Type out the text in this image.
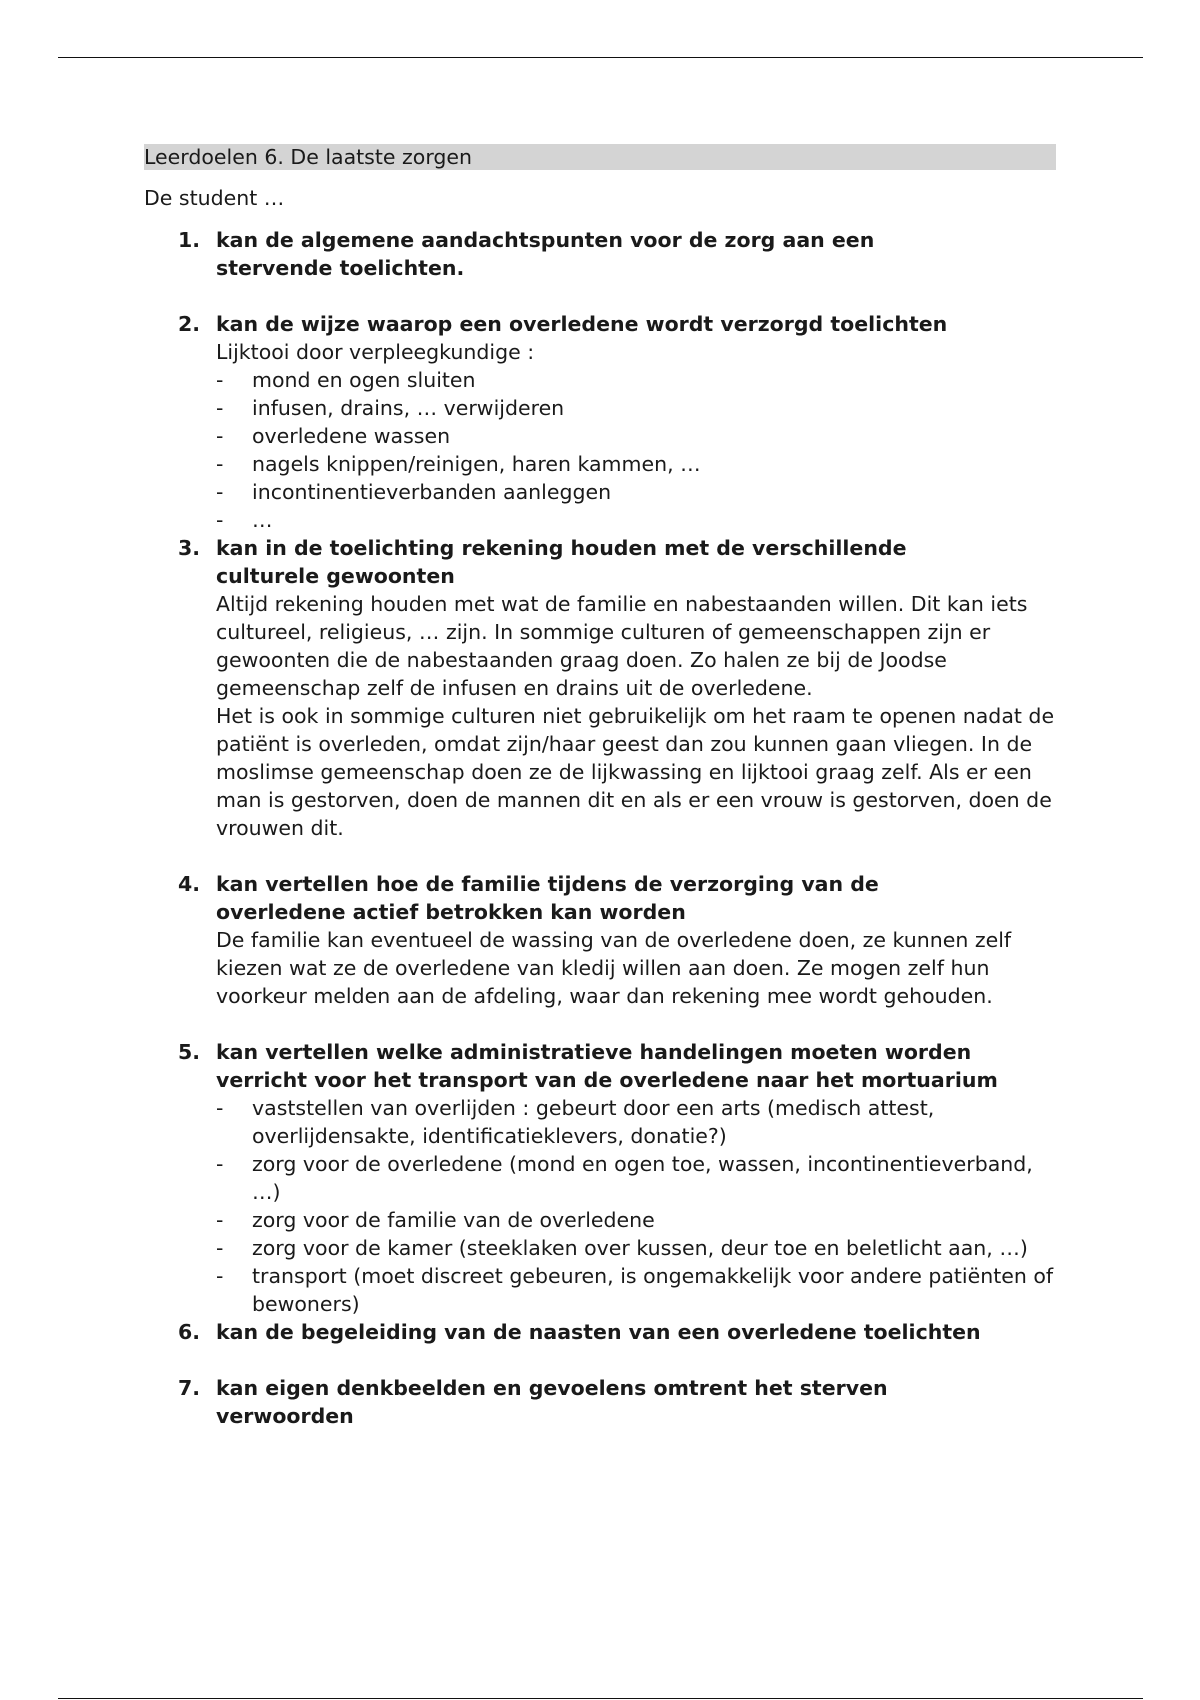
Leerdoelen 6. De laatste zorgen
De student …
1. kan de algemene aandachtspunten voor de zorg aan een stervende toelichten.

2. kan de wijze waarop een overledene wordt verzorgd toelichten

Lijktooi door verpleegkundige :

- mond en ogen sluiten
- infusen, drains, … verwijderen
- overledene wassen
- nagels knippen/reinigen, haren kammen, …
- incontinentieverbanden aanleggen
- …
3. kan in de toelichting rekening houden met de verschillende culturele gewoonten

Altijd rekening houden met wat de familie en nabestaanden willen. Dit kan iets cultureel, religieus, … zijn. In sommige culturen of gemeenschappen zijn er gewoonten die de nabestaanden graag doen. Zo halen ze bij de Joodse gemeenschap zelf de infusen en drains uit de overledene.

Het is ook in sommige culturen niet gebruikelijk om het raam te openen nadat de patiënt is overleden, omdat zijn/haar geest dan zou kunnen gaan vliegen. In de moslimse gemeenschap doen ze de lijkwassing en lijktooi graag zelf. Als er een man is gestorven, doen de mannen dit en als er een vrouw is gestorven, doen de vrouwen dit.

4. kan vertellen hoe de familie tijdens de verzorging van de overledene actief betrokken kan worden

De familie kan eventueel de wassing van de overledene doen, ze kunnen zelf kiezen wat ze de overledene van kledij willen aan doen. Ze mogen zelf hun voorkeur melden aan de afdeling, waar dan rekening mee wordt gehouden.

5. kan vertellen welke administratieve handelingen moeten worden verricht voor het transport van de overledene naar het mortuarium

- vaststellen van overlijden : gebeurt door een arts (medisch attest, overlijdensakte, identificatieklevers, donatie?)
- zorg voor de overledene (mond en ogen toe, wassen, incontinentieverband, …)
- zorg voor de familie van de overledene
- zorg voor de kamer (steeklaken over kussen, deur toe en beletlicht aan, …)
- transport (moet discreet gebeuren, is ongemakkelijk voor andere patiënten of bewoners)
6. kan de begeleiding van de naasten van een overledene toelichten

7. kan eigen denkbeelden en gevoelens omtrent het sterven verwoorden
